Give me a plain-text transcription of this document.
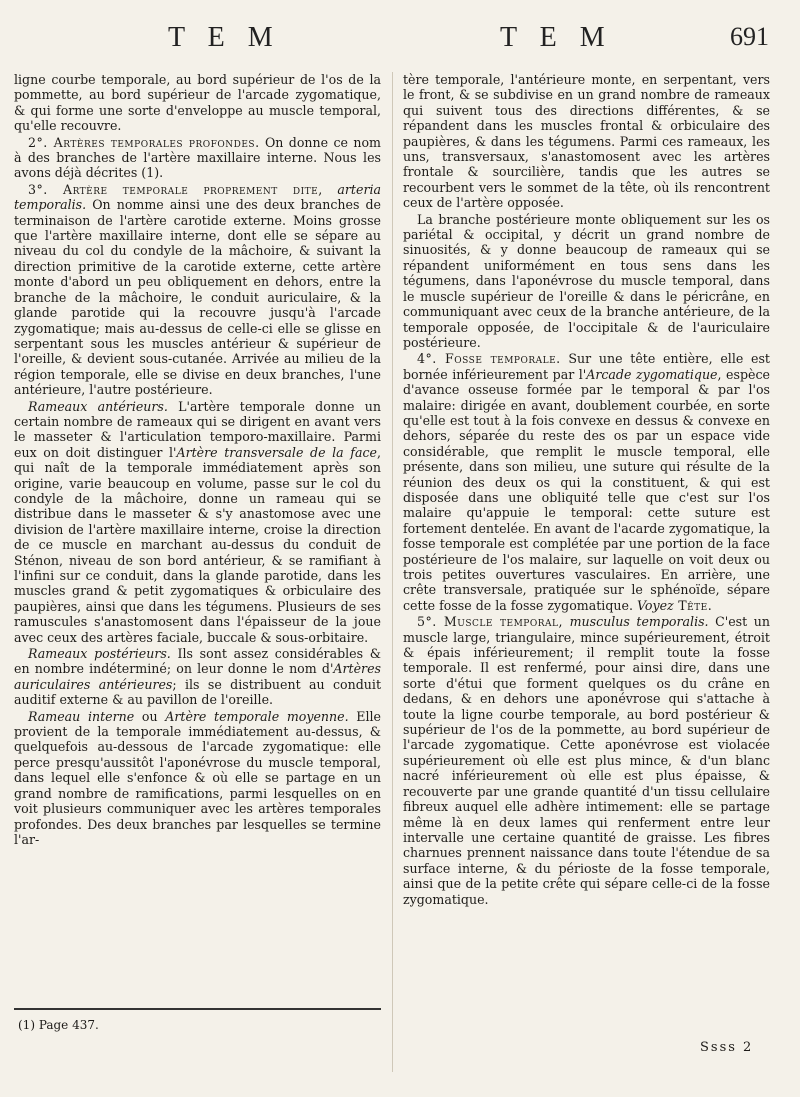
T E M	T E M	691

ligne courbe temporale, au bord supérieur de l'os de la pommette, au bord supérieur de l'arcade zygomatique, & qui forme une sorte d'enveloppe au muscle temporal, qu'elle recouvre.

2°. Artères temporales profondes. On donne ce nom à des branches de l'artère maxillaire interne. Nous les avons déjà décrites (1).

3°. Artère temporale proprement dite, arteria temporalis. On nomme ainsi une des deux branches de terminaison de l'artère carotide externe. Moins grosse que l'artère maxillaire interne, dont elle se sépare au niveau du col du condyle de la mâchoire, & suivant la direction primitive de la carotide externe, cette artère monte d'abord un peu obliquement en dehors, entre la branche de la mâchoire, le conduit auriculaire, & la glande parotide qui la recouvre jusqu'à l'arcade zygomatique; mais au-dessus de celle-ci elle se glisse en serpentant sous les muscles antérieur & supérieur de l'oreille, & devient sous-cutanée. Arrivée au milieu de la région temporale, elle se divise en deux branches, l'une antérieure, l'autre postérieure.

Rameaux antérieurs. L'artère temporale donne un certain nombre de rameaux qui se dirigent en avant vers le masseter & l'articulation temporo-maxillaire. Parmi eux on doit distinguer l'Artère transversale de la face, qui naît de la temporale immédiatement après son origine, varie beaucoup en volume, passe sur le col du condyle de la mâchoire, donne un rameau qui se distribue dans le masseter & s'y anastomose avec une division de l'artère maxillaire interne, croise la direction de ce muscle en marchant au-dessus du conduit de Sténon, niveau de son bord antérieur, & se ramifiant à l'infini sur ce conduit, dans la glande parotide, dans les muscles grand & petit zygomatiques & orbiculaire des paupières, ainsi que dans les tégumens. Plusieurs de ses ramuscules s'anastomosent dans l'épaisseur de la joue avec ceux des artères faciale, buccale & sous-orbitaire.

Rameaux postérieurs. Ils sont assez considérables & en nombre indéterminé; on leur donne le nom d'Artères auriculaires antérieures; ils se distribuent au conduit auditif externe & au pavillon de l'oreille.

Rameau interne ou Artère temporale moyenne. Elle provient de la temporale immédiatement au-dessus, & quelquefois au-dessous de l'arcade zygomatique: elle perce presqu'aussitôt l'aponévrose du muscle temporal, dans lequel elle s'enfonce & où elle se partage en un grand nombre de ramifications, parmi lesquelles on en voit plusieurs communiquer avec les artères temporales profondes. Des deux branches par lesquelles se termine l'ar-

tère temporale, l'antérieure monte, en serpentant, vers le front, & se subdivise en un grand nombre de rameaux qui suivent tous des directions différentes, & se répandent dans les muscles frontal & orbiculaire des paupières, & dans les tégumens. Parmi ces rameaux, les uns, transversaux, s'anastomosent avec les artères frontale & sourcilière, tandis que les autres se recourbent vers le sommet de la tête, où ils rencontrent ceux de l'artère opposée.

La branche postérieure monte obliquement sur les os pariétal & occipital, y décrit un grand nombre de sinuosités, & y donne beaucoup de rameaux qui se répandent uniformément en tous sens dans les tégumens, dans l'aponévrose du muscle temporal, dans le muscle supérieur de l'oreille & dans le péricrâne, en communiquant avec ceux de la branche antérieure, de la temporale opposée, de l'occipitale & de l'auriculaire postérieure.

4°. Fosse temporale. Sur une tête entière, elle est bornée inférieurement par l'Arcade zygomatique, espèce d'avance osseuse formée par le temporal & par l'os malaire: dirigée en avant, doublement courbée, en sorte qu'elle est tout à la fois convexe en dessus & convexe en dehors, séparée du reste des os par un espace vide considérable, que remplit le muscle temporal, elle présente, dans son milieu, une suture qui résulte de la réunion des deux os qui la constituent, & qui est disposée dans une obliquité telle que c'est sur l'os malaire qu'appuie le temporal: cette suture est fortement dentelée. En avant de l'acarde zygomatique, la fosse temporale est complétée par une portion de la face postérieure de l'os malaire, sur laquelle on voit deux ou trois petites ouvertures vasculaires. En arrière, une crête transversale, pratiquée sur le sphénoïde, sépare cette fosse de la fosse zygomatique. Voyez Tête.

5°. Muscle temporal, musculus temporalis. C'est un muscle large, triangulaire, mince supérieurement, étroit & épais inférieurement; il remplit toute la fosse temporale. Il est renfermé, pour ainsi dire, dans une sorte d'étui que forment quelques os du crâne en dedans, & en dehors une aponévrose qui s'attache à toute la ligne courbe temporale, au bord postérieur & supérieur de l'os de la pommette, au bord supérieur de l'arcade zygomatique. Cette aponévrose est violacée supérieurement où elle est plus mince, & d'un blanc nacré inférieurement où elle est plus épaisse, & recouverte par une grande quantité d'un tissu cellulaire fibreux auquel elle adhère intimement: elle se partage même là en deux lames qui renferment entre leur intervalle une certaine quantité de graisse. Les fibres charnues prennent naissance dans toute l'étendue de sa surface interne, & du périoste de la fosse temporale, ainsi que de la petite crête qui sépare celle-ci de la fosse zygomatique.

(1) Page 437.
Ssss 2
